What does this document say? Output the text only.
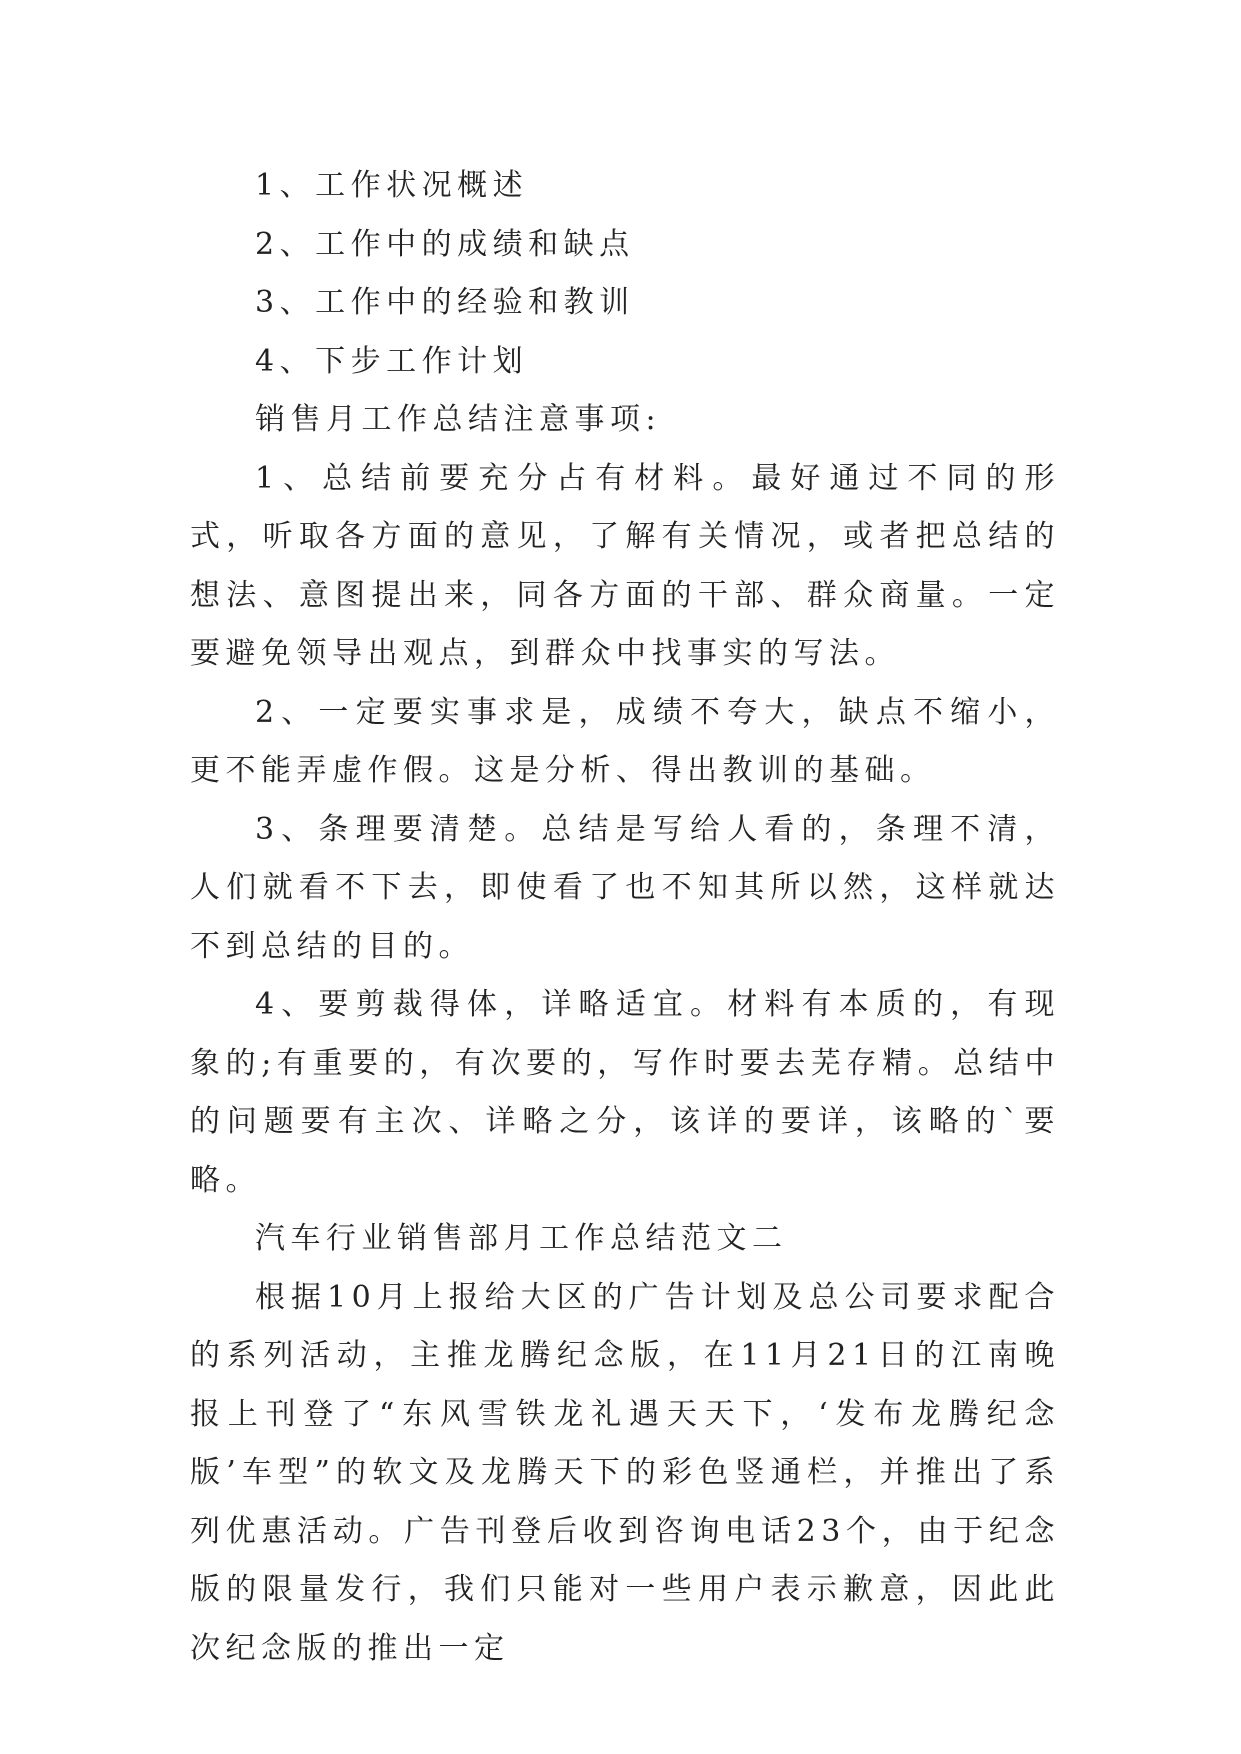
1、工作状况概述

2、工作中的成绩和缺点

3、工作中的经验和教训

4、下步工作计划

销售月工作总结注意事项:

1、总结前要充分占有材料。最好通过不同的形式，听取各方面的意见，了解有关情况，或者把总结的想法、意图提出来，同各方面的干部、群众商量。一定要避免领导出观点，到群众中找事实的写法。

2、一定要实事求是，成绩不夸大，缺点不缩小，更不能弄虚作假。这是分析、得出教训的基础。

3、条理要清楚。总结是写给人看的，条理不清，人们就看不下去，即使看了也不知其所以然，这样就达不到总结的目的。

4、要剪裁得体，详略适宜。材料有本质的，有现象的;有重要的，有次要的，写作时要去芜存精。总结中的问题要有主次、详略之分，该详的要详，该略的`要略。

汽车行业销售部月工作总结范文二

根据10月上报给大区的广告计划及总公司要求配合的系列活动，主推龙腾纪念版，在11月21日的江南晚报上刊登了“东风雪铁龙礼遇天天下，‘发布龙腾纪念版’车型”的软文及龙腾天下的彩色竖通栏，并推出了系列优惠活动。广告刊登后收到咨询电话23个，由于纪念版的限量发行，我们只能对一些用户表示歉意，因此此次纪念版的推出一定
